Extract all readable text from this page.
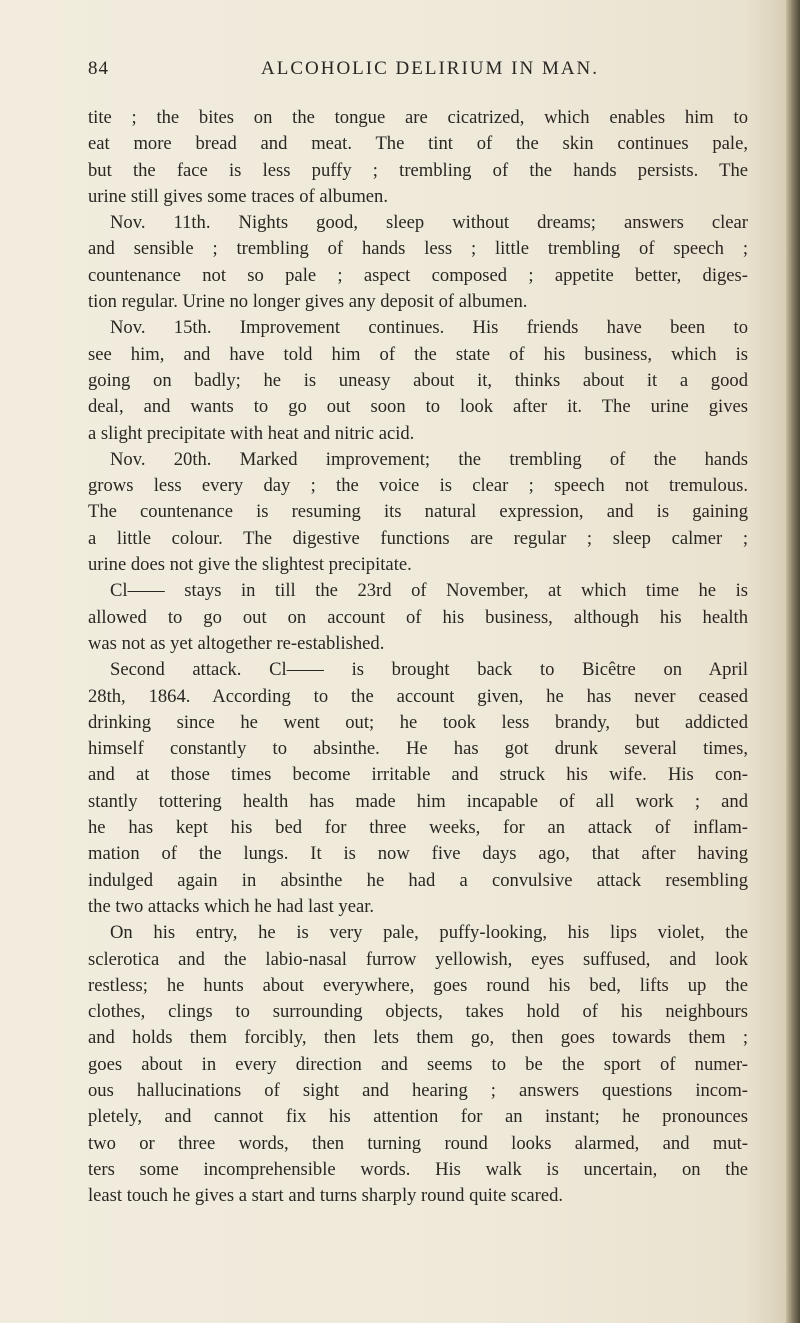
84	ALCOHOLIC DELIRIUM IN MAN.
tite ; the bites on the tongue are cicatrized, which enables him to
eat more bread and meat. The tint of the skin continues pale,
but the face is less puffy ; trembling of the hands persists. The
urine still gives some traces of albumen.
Nov. 11th. Nights good, sleep without dreams; answers clear
and sensible ; trembling of hands less ; little trembling of speech ;
countenance not so pale ; aspect composed ; appetite better, diges-
tion regular. Urine no longer gives any deposit of albumen.
Nov. 15th. Improvement continues. His friends have been to
see him, and have told him of the state of his business, which is
going on badly; he is uneasy about it, thinks about it a good
deal, and wants to go out soon to look after it. The urine gives
a slight precipitate with heat and nitric acid.
Nov. 20th. Marked improvement; the trembling of the hands
grows less every day ; the voice is clear ; speech not tremulous.
The countenance is resuming its natural expression, and is gaining
a little colour. The digestive functions are regular ; sleep calmer ;
urine does not give the slightest precipitate.
Cl—— stays in till the 23rd of November, at which time he is
allowed to go out on account of his business, although his health
was not as yet altogether re-established.
Second attack. Cl—— is brought back to Bicêtre on April
28th, 1864. According to the account given, he has never ceased
drinking since he went out; he took less brandy, but addicted
himself constantly to absinthe. He has got drunk several times,
and at those times become irritable and struck his wife. His con-
stantly tottering health has made him incapable of all work ; and
he has kept his bed for three weeks, for an attack of inflam-
mation of the lungs. It is now five days ago, that after having
indulged again in absinthe he had a convulsive attack resembling
the two attacks which he had last year.
On his entry, he is very pale, puffy-looking, his lips violet, the
sclerotica and the labio-nasal furrow yellowish, eyes suffused, and look
restless; he hunts about everywhere, goes round his bed, lifts up the
clothes, clings to surrounding objects, takes hold of his neighbours
and holds them forcibly, then lets them go, then goes towards them ;
goes about in every direction and seems to be the sport of numer-
ous hallucinations of sight and hearing ; answers questions incom-
pletely, and cannot fix his attention for an instant; he pronounces
two or three words, then turning round looks alarmed, and mut-
ters some incomprehensible words. His walk is uncertain, on the
least touch he gives a start and turns sharply round quite scared.
